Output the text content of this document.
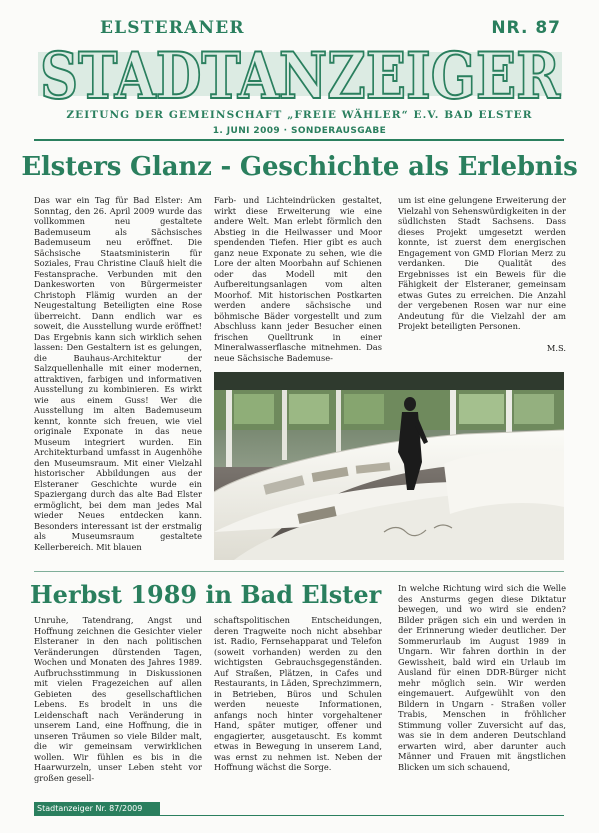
ELSTERANER	NR. 87
STADTANZEIGER
ZEITUNG DER GEMEINSCHAFT „FREIE WÄHLER“ E.V. BAD ELSTER
1. JUNI 2009 · SONDERAUSGABE
Elsters Glanz - Geschichte als Erlebnis
Das war ein Tag für Bad Elster: Am Sonntag, den 26. April 2009 wurde das vollkommen neu gestaltete Bademuseum als Sächsisches Bademuseum neu eröffnet. Die Sächsische Staatsministerin für Soziales, Frau Christine Clauß hielt die Festansprache. Verbunden mit den Dankesworten von Bürgermeister Christoph Flämig wurden an der Neugestaltung Beteiligten eine Rose überreicht. Dann endlich war es soweit, die Ausstellung wurde eröffnet! Das Ergebnis kann sich wirklich sehen lassen: Den Gestaltern ist es gelungen, die Bauhaus-Architektur der Salzquellenhalle mit einer modernen, attraktiven, farbigen und informativen Ausstellung zu kombinieren. Es wirkt wie aus einem Guss! Wer die Ausstellung im alten Bademuseum kennt, konnte sich freuen, wie viel originale Exponate in das neue Museum integriert wurden. Ein Architekturband umfasst in Augenhöhe den Museumsraum. Mit einer Vielzahl historischer Abbildungen aus der Elsteraner Geschichte wurde ein Spaziergang durch das alte Bad Elster ermöglicht, bei dem man jedes Mal wieder Neues entdecken kann. Besonders interessant ist der erstmalig als Museumsraum gestaltete Kellerbereich. Mit blauen
Farb- und Lichteindrücken gestaltet, wirkt diese Erweiterung wie eine andere Welt. Man erlebt förmlich den Abstieg in die Heilwasser und Moor spendenden Tiefen. Hier gibt es auch ganz neue Exponate zu sehen, wie die Lore der alten Moorbahn auf Schienen oder das Modell mit den Aufbereitungsanlagen vom alten Moorhof. Mit historischen Postkarten werden andere sächsische und böhmische Bäder vorgestellt und zum Abschluss kann jeder Besucher einen frischen Quelltrunk in einer Mineralwasserflasche mitnehmen. Das neue Sächsische Bademuse-
um ist eine gelungene Erweiterung der Vielzahl von Sehenswürdigkeiten in der südlichsten Stadt Sachsens. Dass dieses Projekt umgesetzt werden konnte, ist zuerst dem energischen Engagement von GMD Florian Merz zu verdanken. Die Qualität des Ergebnisses ist ein Beweis für die Fähigkeit der Elsteraner, gemeinsam etwas Gutes zu erreichen. Die Anzahl der vergebenen Rosen war nur eine Andeutung für die Vielzahl der am Projekt beteiligten Personen.
M.S.
Herbst 1989 in Bad Elster
Unruhe, Tatendrang, Angst und Hoffnung zeichnen die Gesichter vieler Elsteraner in den nach politischen Veränderungen dürstenden Tagen, Wochen und Monaten des Jahres 1989. Aufbruchsstimmung in Diskussionen mit vielen Fragezeichen auf allen Gebieten des gesellschaftlichen Lebens. Es brodelt in uns die Leidenschaft nach Veränderung in unserem Land, eine Hoffnung, die in unseren Träumen so viele Bilder malt, die wir gemeinsam verwirklichen wollen. Wir fühlen es bis in die Haarwurzeln, unser Leben steht vor großen gesell-
schaftspolitischen Entscheidungen, deren Tragweite noch nicht absehbar ist. Radio, Fernsehapparat und Telefon (soweit vorhanden) werden zu den wichtigsten Gebrauchsgegenständen. Auf Straßen, Plätzen, in Cafes und Restaurants, in Läden, Sprechzimmern, in Betrieben, Büros und Schulen werden neueste Informationen, anfangs noch hinter vorgehaltener Hand, später mutiger, offener und engagierter, ausgetauscht. Es kommt etwas in Bewegung in unserem Land, was ernst zu nehmen ist. Neben der Hoffnung wächst die Sorge.
In welche Richtung wird sich die Welle des Ansturms gegen diese Diktatur bewegen, und wo wird sie enden? Bilder prägen sich ein und werden in der Erinnerung wieder deutlicher. Der Sommerurlaub im August 1989 in Ungarn. Wir fahren dorthin in der Gewissheit, bald wird ein Urlaub im Ausland für einen DDR-Bürger nicht mehr möglich sein. Wir werden eingemauert. Aufgewühlt von den Bildern in Ungarn - Straßen voller Trabis, Menschen in fröhlicher Stimmung voller Zuversicht auf das, was sie in dem anderen Deutschland erwarten wird, aber darunter auch Männer und Frauen mit ängstlichen Blicken um sich schauend,
Stadtanzeiger Nr. 87/2009
